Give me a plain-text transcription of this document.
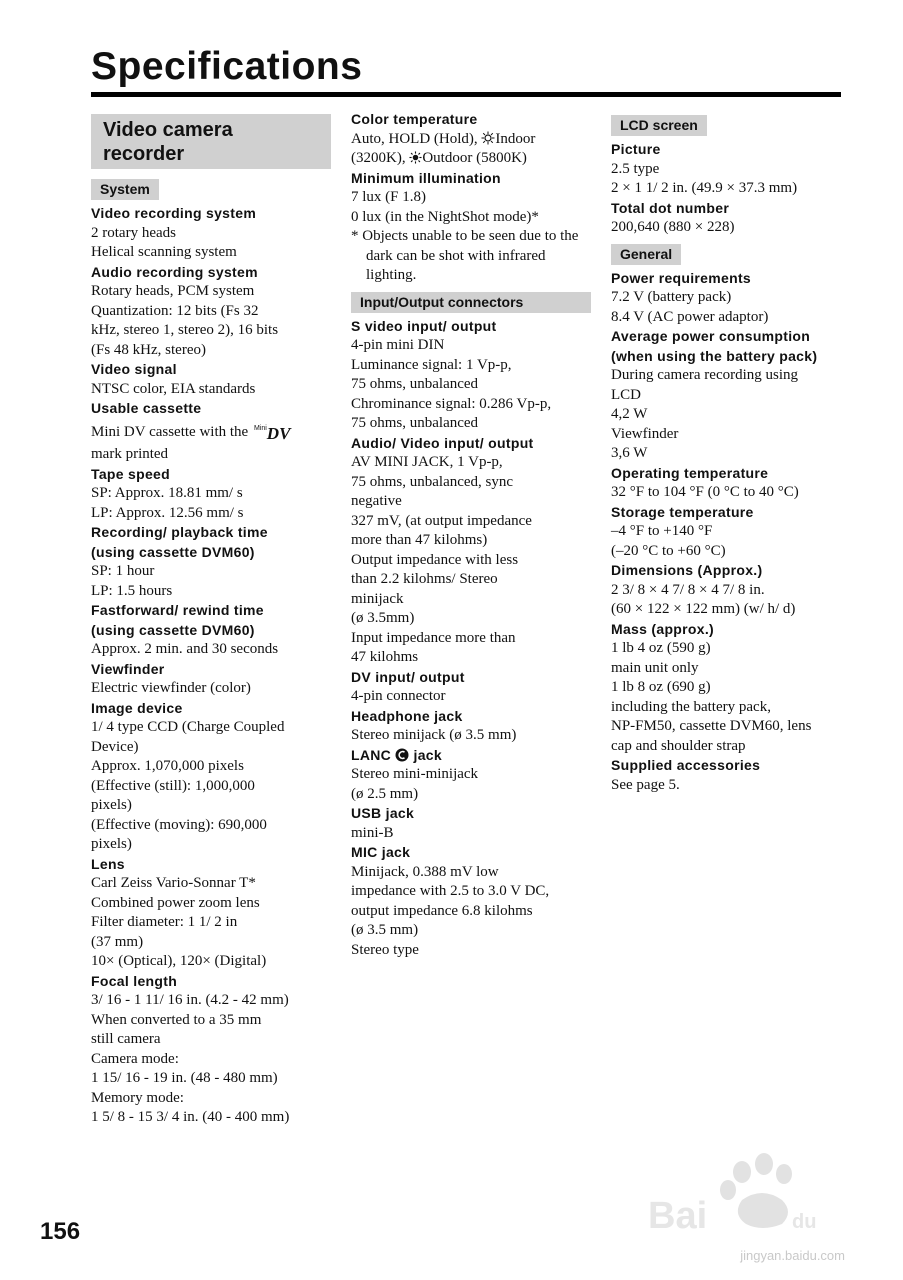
Specifications
Video camera recorder
System
Video recording system
2 rotary heads
Helical scanning system
Audio recording system
Rotary heads, PCM system
Quantization: 12 bits (Fs 32
kHz, stereo 1, stereo 2), 16 bits
(Fs 48 kHz, stereo)
Video signal
NTSC color, EIA standards
Usable cassette
Mini DV cassette with the $^{Mini}$DV
mark printed
Tape speed
SP: Approx. 18.81 mm/ s
LP: Approx. 12.56 mm/ s
Recording/ playback time
(using cassette DVM60)
SP: 1 hour
LP: 1.5 hours
Fastforward/ rewind time
(using cassette DVM60)
Approx. 2 min. and 30 seconds
Viewfinder
Electric viewfinder (color)
Image device
1/ 4 type CCD (Charge Coupled
Device)
Approx. 1,070,000 pixels
(Effective (still): 1,000,000
pixels)
(Effective (moving): 690,000
pixels)
Lens
Carl Zeiss Vario-Sonnar T*
Combined power zoom lens
Filter diameter: 1 1/ 2 in
(37 mm)
10× (Optical), 120× (Digital)
Focal length
3/ 16 - 1 11/ 16 in. (4.2 - 42 mm)
When converted to a 35 mm
still camera
Camera mode:
1 15/ 16 - 19 in. (48 - 480 mm)
Memory mode:
1 5/ 8 - 15 3/ 4 in. (40 - 400 mm)
Color temperature
Auto, HOLD (Hold), Indoor
(3200K), Outdoor (5800K)
Minimum illumination
7 lux (F 1.8)
0 lux (in the NightShot mode)*
* Objects unable to be seen due to the dark can be shot with infrared lighting.
Input/Output connectors
S video input/ output
4-pin mini DIN
Luminance signal: 1 Vp-p,
75 ohms, unbalanced
Chrominance signal: 0.286 Vp-p,
75 ohms, unbalanced
Audio/ Video input/ output
AV MINI JACK, 1 Vp-p,
75 ohms, unbalanced, sync
negative
327 mV, (at output impedance
more than 47 kilohms)
Output impedance with less
than 2.2 kilohms/ Stereo
minijack
(ø 3.5mm)
Input impedance more than
47 kilohms
DV input/ output
4-pin connector
Headphone jack
Stereo minijack (ø 3.5 mm)
LANC jack
Stereo mini-minijack
(ø 2.5 mm)
USB jack
mini-B
MIC jack
Minijack, 0.388 mV low
impedance with 2.5 to 3.0 V DC,
output impedance 6.8 kilohms
(ø 3.5 mm)
Stereo type
LCD screen
Picture
2.5 type
2 × 1 1/ 2 in. (49.9 × 37.3 mm)
Total dot number
200,640 (880 × 228)
General
Power requirements
7.2 V (battery pack)
8.4 V (AC power adaptor)
Average power consumption
(when using the battery pack)
During camera recording using
LCD
4,2 W
Viewfinder
3,6 W
Operating temperature
32 °F to 104 °F (0 °C to 40 °C)
Storage temperature
–4 °F to +140 °F
(–20 °C to +60 °C)
Dimensions (Approx.)
2 3/ 8 × 4 7/ 8 × 4 7/ 8 in.
(60 × 122 × 122 mm) (w/ h/ d)
Mass (approx.)
1 lb 4 oz (590 g)
main unit only
1 lb 8 oz (690 g)
including the battery pack,
NP-FM50, cassette DVM60, lens
cap and shoulder strap
Supplied accessories
See page 5.
Bai	du
jingyan.baidu.com
156
